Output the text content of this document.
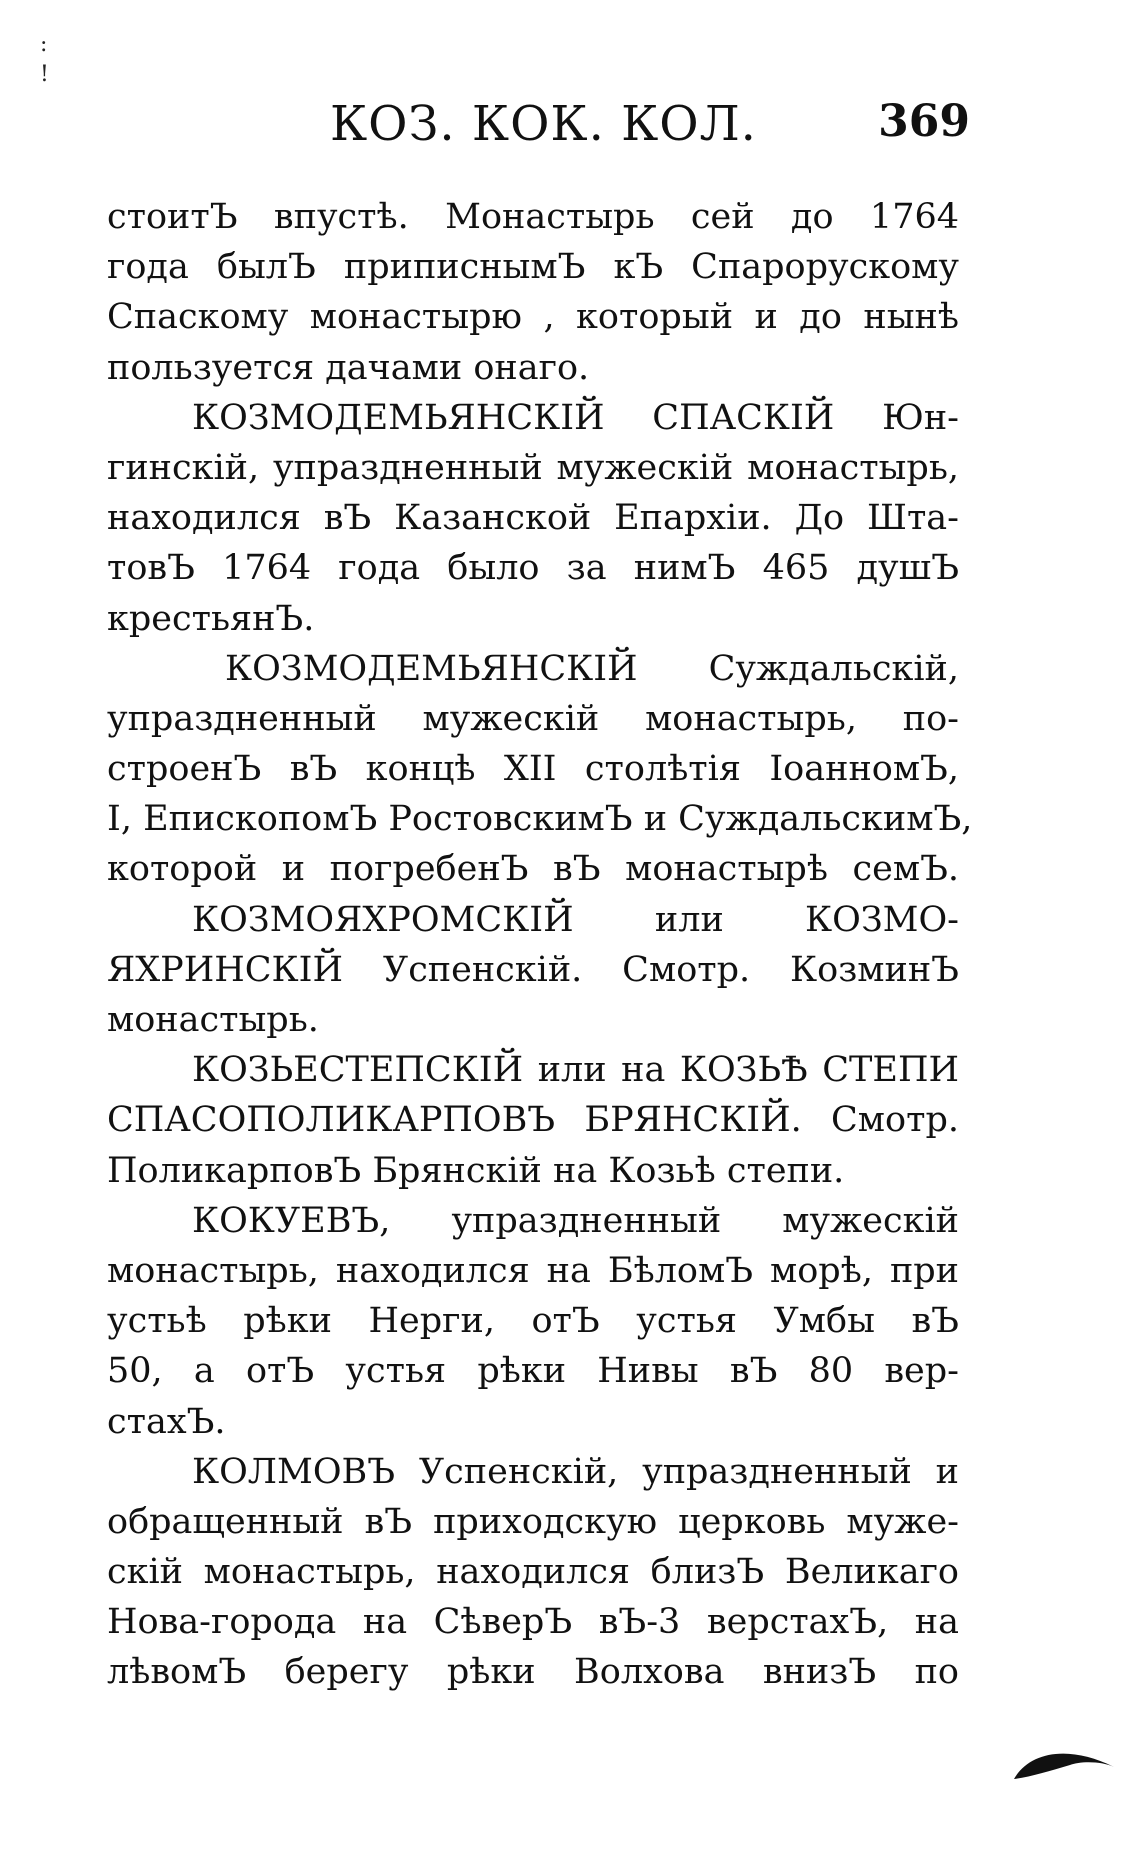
:
!
КОЗ. КОК. КОЛ.	369
стоитЪ впустѣ. Монастырь сей до 1764
года былЪ приписнымЪ кЪ Спарорускому
Спаскому монастырю , который и до нынѣ
пользуется дачами онаго.
КОЗМОДЕМЬЯНСКІЙ СПАСКІЙ Юн-
гинскій, упраздненный мужескій монастырь,
находился вЪ Казанской Епархіи. До Шта-
товЪ 1764 года было за нимЪ 465 душЪ
крестьянЪ.
КОЗМОДЕМЬЯНСКІЙ Суждальскій,
упраздненный мужескій монастырь, по-
строенЪ вЪ концѣ XII столѣтія ІоанномЪ,
I, ЕпископомЪ РостовскимЪ и СуждальскимЪ,
которой и погребенЪ вЪ монастырѣ семЪ.
КОЗМОЯХРОМСКІЙ или КОЗМО-
ЯХРИНСКІЙ Успенскій. Смотр. КозминЪ
монастырь.
КОЗЬЕСТЕПСКІЙ или на КОЗЬѢ СТЕПИ
СПАСОПОЛИКАРПОВЪ БРЯНСКІЙ. Смотр.
ПоликарповЪ Брянскій на Козьѣ степи.
КОКУЕВЪ, упраздненный мужескій
монастырь, находился на БѣломЪ морѣ, при
устьѣ рѣки Нерги, отЪ устья Умбы вЪ
50, а отЪ устья рѣки Нивы вЪ 80 вер-
стахЪ.
КОЛМОВЪ Успенскій, упраздненный и
обращенный вЪ приходскую церковь муже-
скій монастырь, находился близЪ Великаго
Нова-города на СѣверЪ вЪ-3 верстахЪ, на
лѣвомЪ берегу рѣки Волхова внизЪ по
